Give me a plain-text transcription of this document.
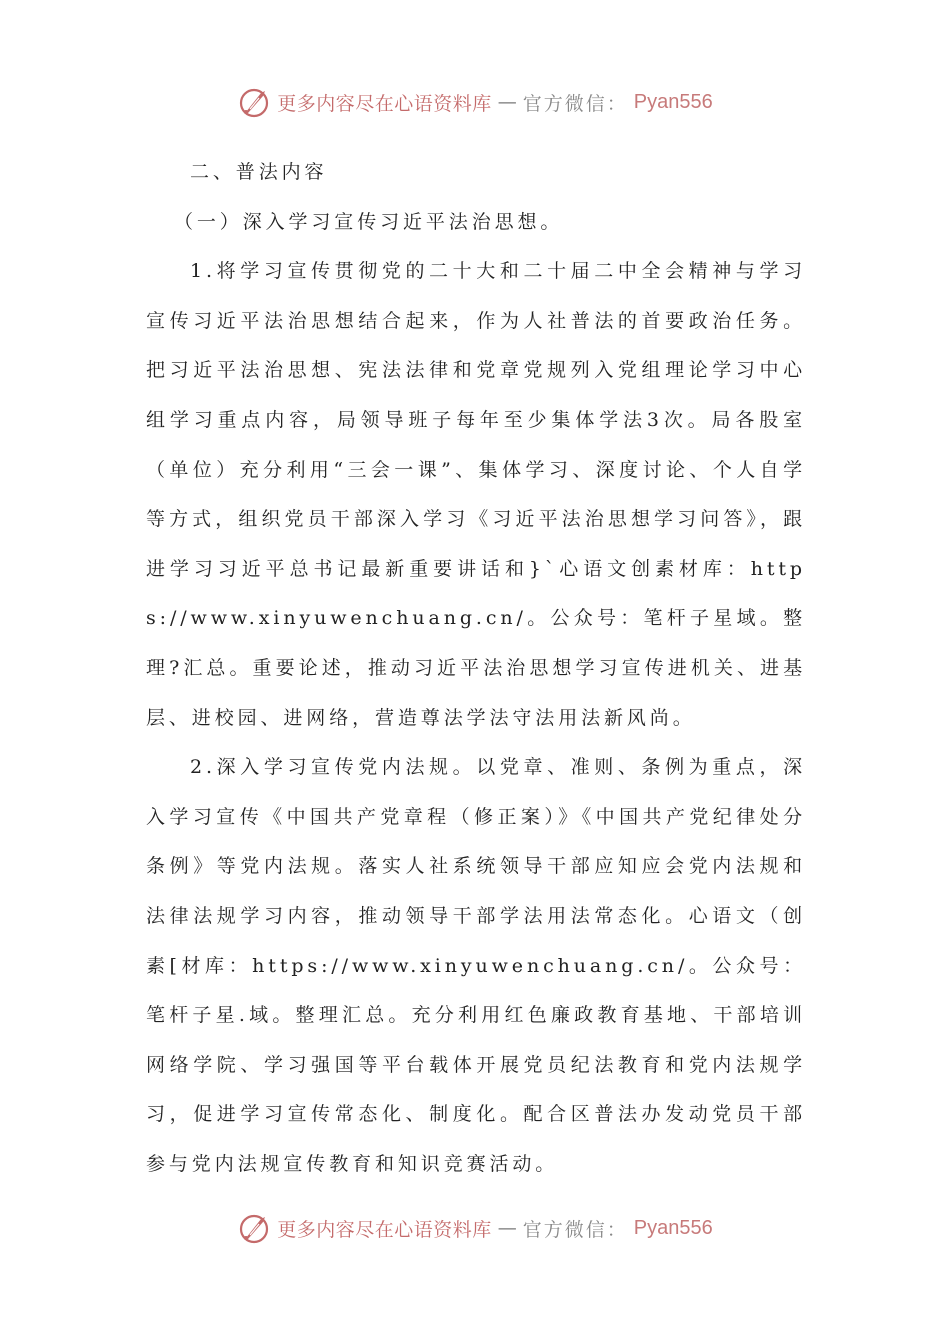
更多内容尽在心语资料库 — 官方微信： Pyan556

二、普法内容

（一）深入学习宣传习近平法治思想。

1.将学习宣传贯彻党的二十大和二十届二中全会精神与学习宣传习近平法治思想结合起来，作为人社普法的首要政治任务。把习近平法治思想、宪法法律和党章党规列入党组理论学习中心组学习重点内容，局领导班子每年至少集体学法3次。局各股室（单位）充分利用“三会一课”、集体学习、深度讨论、个人自学等方式，组织党员干部深入学习《习近平法治思想学习问答》，跟进学习习近平总书记最新重要讲话和}`心语文创素材库：https://www.xinyuwenchuang.cn/。公众号：笔杆子星域。整理?汇总。重要论述，推动习近平法治思想学习宣传进机关、进基层、进校园、进网络，营造尊法学法守法用法新风尚。

2.深入学习宣传党内法规。以党章、准则、条例为重点，深入学习宣传《中国共产党章程（修正案）》《中国共产党纪律处分条例》等党内法规。落实人社系统领导干部应知应会党内法规和法律法规学习内容，推动领导干部学法用法常态化。心语文（创素[材库：https://www.xinyuwenchuang.cn/。公众号：笔杆子星.域。整理汇总。充分利用红色廉政教育基地、干部培训网络学院、学习强国等平台载体开展党员纪法教育和党内法规学习，促进学习宣传常态化、制度化。配合区普法办发动党员干部参与党内法规宣传教育和知识竞赛活动。

更多内容尽在心语资料库 — 官方微信： Pyan556
